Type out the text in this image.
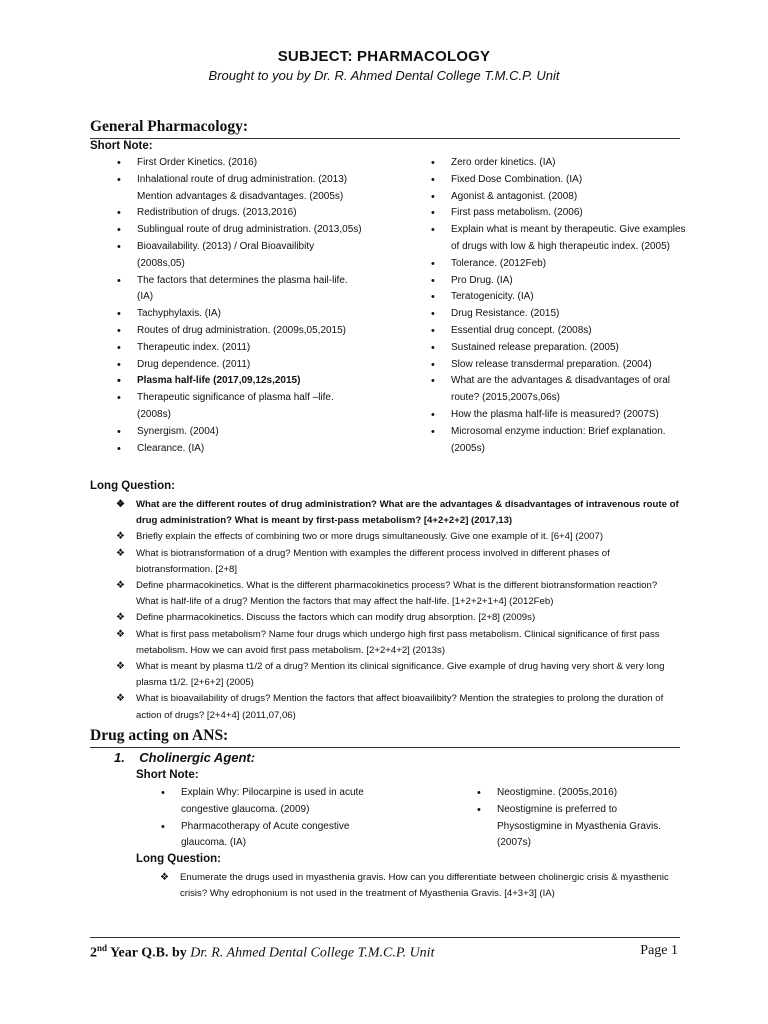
SUBJECT: PHARMACOLOGY
Brought to you by Dr. R. Ahmed Dental College T.M.C.P. Unit
General Pharmacology:
Short Note:
• First Order Kinetics. (2016)
• Inhalational route of drug administration. (2013) Mention advantages & disadvantages. (2005s)
• Redistribution of drugs. (2013,2016)
• Sublingual route of drug administration. (2013,05s)
• Bioavailability. (2013) / Oral Bioavailibity (2008s,05)
• The factors that determines the plasma hail-life. (IA)
• Tachyphylaxis. (IA)
• Routes of drug administration. (2009s,05,2015)
• Therapeutic index. (2011)
• Drug dependence. (2011)
• Plasma half-life (2017,09,12s,2015)
• Therapeutic significance of plasma half –life. (2008s)
• Synergism. (2004)
• Clearance. (IA)
• Zero order kinetics. (IA)
• Fixed Dose Combination. (IA)
• Agonist & antagonist. (2008)
• First pass metabolism. (2006)
• Explain what is meant by therapeutic. Give examples of drugs with low & high therapeutic index. (2005)
• Tolerance. (2012Feb)
• Pro Drug. (IA)
• Teratogenicity. (IA)
• Drug Resistance. (2015)
• Essential drug concept. (2008s)
• Sustained release preparation. (2005)
• Slow release transdermal preparation. (2004)
• What are the advantages & disadvantages of oral route? (2015,2007s,06s)
• How the plasma half-life is measured? (2007S)
• Microsomal enzyme induction: Brief explanation. (2005s)
Long Question:
❖ What are the different routes of drug administration? What are the advantages & disadvantages of intravenous route of drug administration? What is meant by first-pass metabolism? [4+2+2+2] (2017,13)
❖ Briefly explain the effects of combining two or more drugs simultaneously. Give one example of it. [6+4] (2007)
❖ What is biotransformation of a drug? Mention with examples the different process involved in different phases of biotransformation. [2+8]
❖ Define pharmacokinetics. What is the different pharmacokinetics process? What is the different biotransformation reaction? What is half-life of a drug? Mention the factors that may affect the half-life. [1+2+2+1+4] (2012Feb)
❖ Define pharmacokinetics. Discuss the factors which can modify drug absorption. [2+8] (2009s)
❖ What is first pass metabolism? Name four drugs which undergo high first pass metabolism. Clinical significance of first pass metabolism. How we can avoid first pass metabolism. [2+2+4+2] (2013s)
❖ What is meant by plasma t1/2 of a drug? Mention its clinical significance. Give example of drug having very short & very long plasma t1/2. [2+6+2] (2005)
❖ What is bioavailability of drugs? Mention the factors that affect bioavailibity? Mention the strategies to prolong the duration of action of drugs? [2+4+4] (2011,07,06)
Drug acting on ANS:
1. Cholinergic Agent:
Short Note:
• Explain Why: Pilocarpine is used in acute congestive glaucoma. (2009)
• Pharmacotherapy of Acute congestive glaucoma. (IA)
• Neostigmine. (2005s,2016)
• Neostigmine is preferred to Physostigmine in Myasthenia Gravis. (2007s)
Long Question:
❖ Enumerate the drugs used in myasthenia gravis. How can you differentiate between cholinergic crisis & myasthenic crisis? Why edrophonium is not used in the treatment of Myasthenia Gravis. [4+3+3] (IA)
2nd Year Q.B. by Dr. R. Ahmed Dental College T.M.C.P. Unit	Page 1
